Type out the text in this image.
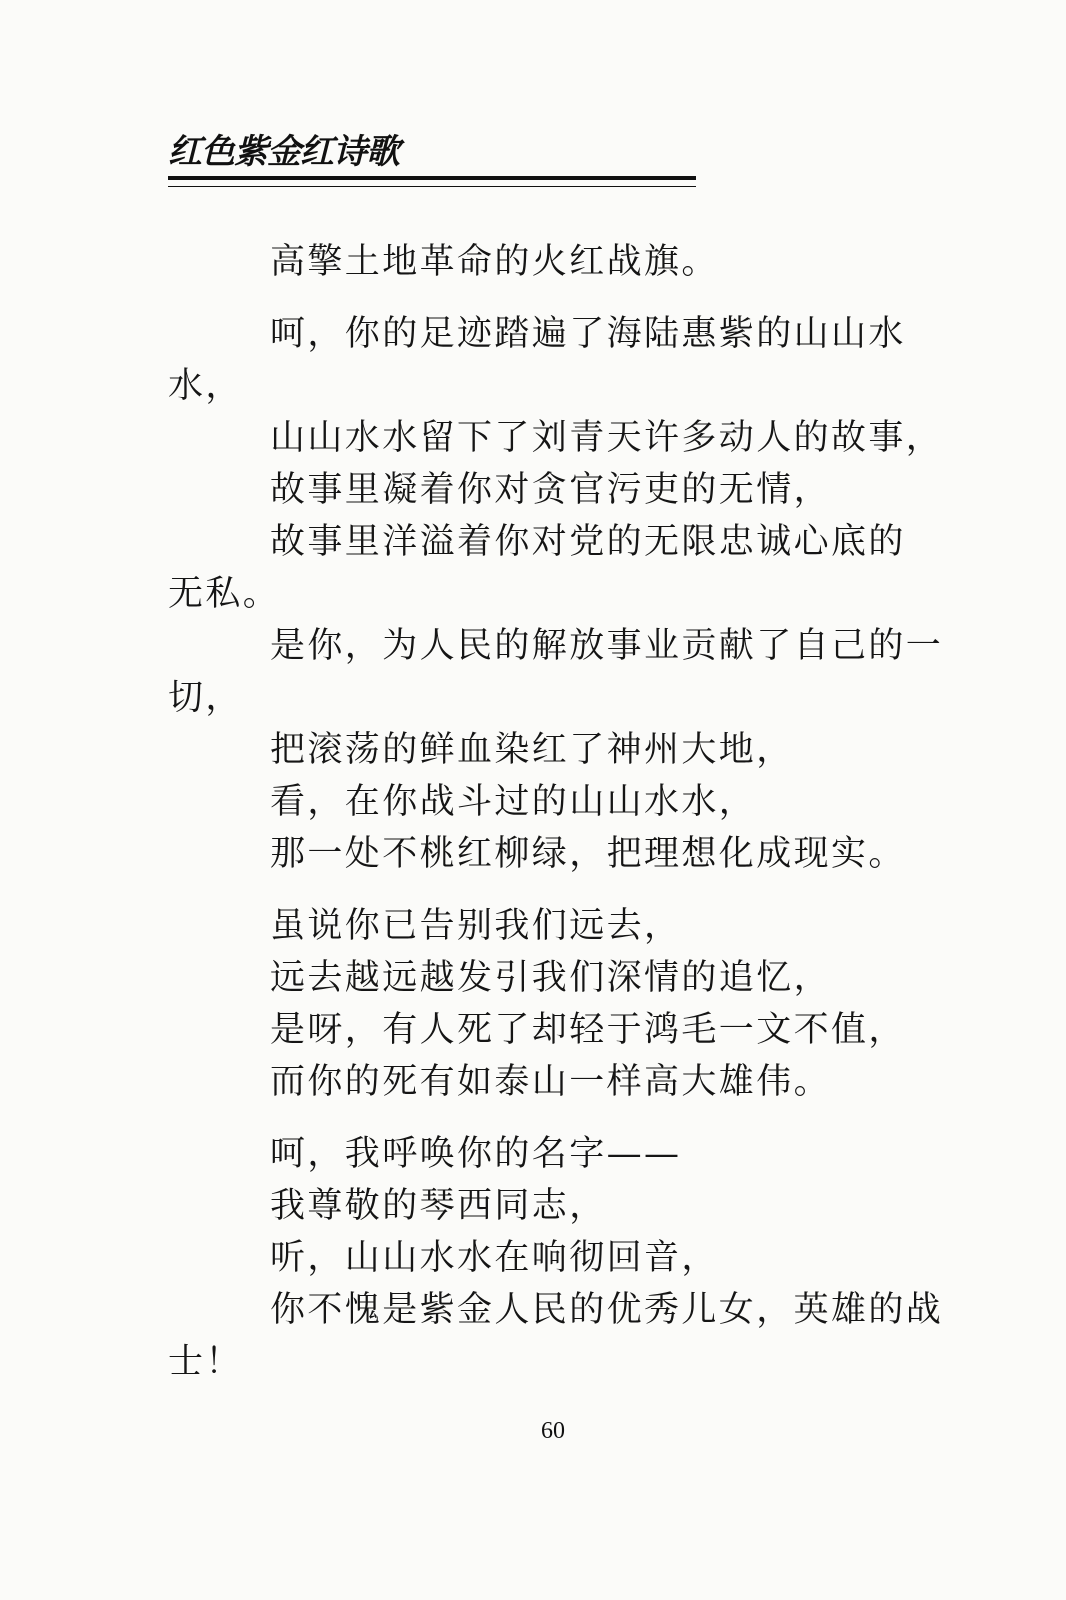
红色紫金红诗歌
高擎土地革命的火红战旗。
呵，你的足迹踏遍了海陆惠紫的山山水
水，
山山水水留下了刘青天许多动人的故事，
故事里凝着你对贪官污吏的无情，
故事里洋溢着你对党的无限忠诚心底的
无私。
是你，为人民的解放事业贡献了自己的一
切，
把滚荡的鲜血染红了神州大地，
看，在你战斗过的山山水水，
那一处不桃红柳绿，把理想化成现实。
虽说你已告别我们远去，
远去越远越发引我们深情的追忆，
是呀，有人死了却轻于鸿毛一文不值，
而你的死有如泰山一样高大雄伟。
呵，我呼唤你的名字——
我尊敬的琴西同志，
听，山山水水在响彻回音，
你不愧是紫金人民的优秀儿女，英雄的战
士！
60
